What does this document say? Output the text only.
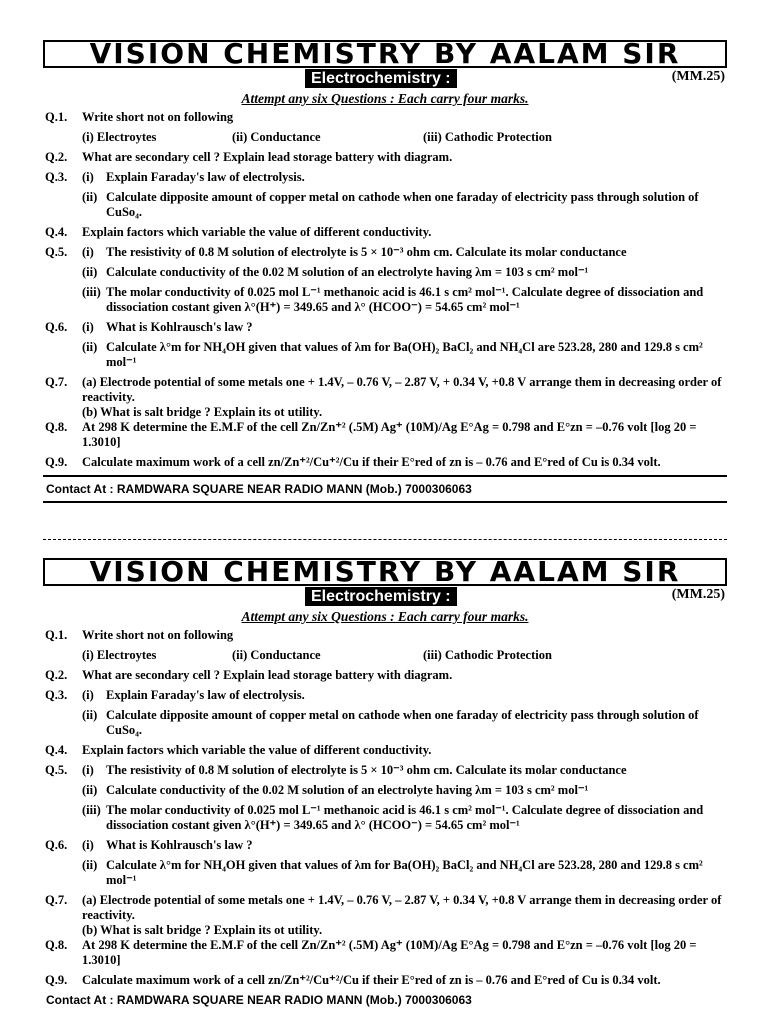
VISION CHEMISTRY BY AALAM SIR
Electrochemistry :	(MM.25)
Attempt any six Questions : Each carry four marks.
Q.1. Write short not on following
(i) Electroytes	(ii) Conductance	(iii) Cathodic Protection
Q.2. What are secondary cell ? Explain lead storage battery with diagram.
Q.3. (i) Explain Faraday's law of electrolysis.
(ii) Calculate dipposite amount of copper metal on cathode when one faraday of electricity pass through solution of CuSo₄.
Q.4. Explain factors which variable the value of different conductivity.
Q.5. (i) The resistivity of 0.8 M solution of electrolyte is 5 × 10⁻³ ohm cm. Calculate its molar conductance
(ii) Calculate conductivity of the 0.02 M solution of an electrolyte having λm = 103 s cm² mol⁻¹
(iii) The molar conductivity of 0.025 mol L⁻¹ methanoic acid is 46.1 s cm² mol⁻¹. Calculate degree of dissociation and dissociation costant given λ°(H⁺) = 349.65 and λ° (HCOO⁻) = 54.65 cm² mol⁻¹
Q.6. (i) What is Kohlrausch's law ?
(ii) Calculate λ°m for NH₄OH given that values of λm for Ba(OH)₂ BaCl₂ and NH₄Cl are 523.28, 280 and 129.8 s cm² mol⁻¹
Q.7. (a) Electrode potential of some metals one + 1.4V, – 0.76 V, – 2.87 V, + 0.34 V, +0.8 V arrange them in decreasing order of reactivity.
(b) What is salt bridge ? Explain its ot utility.
Q.8. At 298 K determine the E.M.F of the cell Zn/Zn⁺² (.5M) Ag⁺ (10M)/Ag E°Ag = 0.798 and E°zn = –0.76 volt [log 20 = 1.3010]
Q.9. Calculate maximum work of a cell zn/Zn⁺²/Cu⁺²/Cu if their E°red of zn is – 0.76 and E°red of Cu is 0.34 volt.
Contact At : RAMDWARA SQUARE NEAR RADIO MANN (Mob.) 7000306063
VISION CHEMISTRY BY AALAM SIR
Electrochemistry :	(MM.25)
Attempt any six Questions : Each carry four marks.
Q.1. Write short not on following
(i) Electroytes	(ii) Conductance	(iii) Cathodic Protection
Q.2. What are secondary cell ? Explain lead storage battery with diagram.
Q.3. (i) Explain Faraday's law of electrolysis.
(ii) Calculate dipposite amount of copper metal on cathode when one faraday of electricity pass through solution of CuSo₄.
Q.4. Explain factors which variable the value of different conductivity.
Q.5. (i) The resistivity of 0.8 M solution of electrolyte is 5 × 10⁻³ ohm cm. Calculate its molar conductance
(ii) Calculate conductivity of the 0.02 M solution of an electrolyte having λm = 103 s cm² mol⁻¹
(iii) The molar conductivity of 0.025 mol L⁻¹ methanoic acid is 46.1 s cm² mol⁻¹. Calculate degree of dissociation and dissociation costant given λ°(H⁺) = 349.65 and λ° (HCOO⁻) = 54.65 cm² mol⁻¹
Q.6. (i) What is Kohlrausch's law ?
(ii) Calculate λ°m for NH₄OH given that values of λm for Ba(OH)₂ BaCl₂ and NH₄Cl are 523.28, 280 and 129.8 s cm² mol⁻¹
Q.7. (a) Electrode potential of some metals one + 1.4V, – 0.76 V, – 2.87 V, + 0.34 V, +0.8 V arrange them in decreasing order of reactivity.
(b) What is salt bridge ? Explain its ot utility.
Q.8. At 298 K determine the E.M.F of the cell Zn/Zn⁺² (.5M) Ag⁺ (10M)/Ag E°Ag = 0.798 and E°zn = –0.76 volt [log 20 = 1.3010]
Q.9. Calculate maximum work of a cell zn/Zn⁺²/Cu⁺²/Cu if their E°red of zn is – 0.76 and E°red of Cu is 0.34 volt.
Contact At : RAMDWARA SQUARE NEAR RADIO MANN (Mob.) 7000306063
